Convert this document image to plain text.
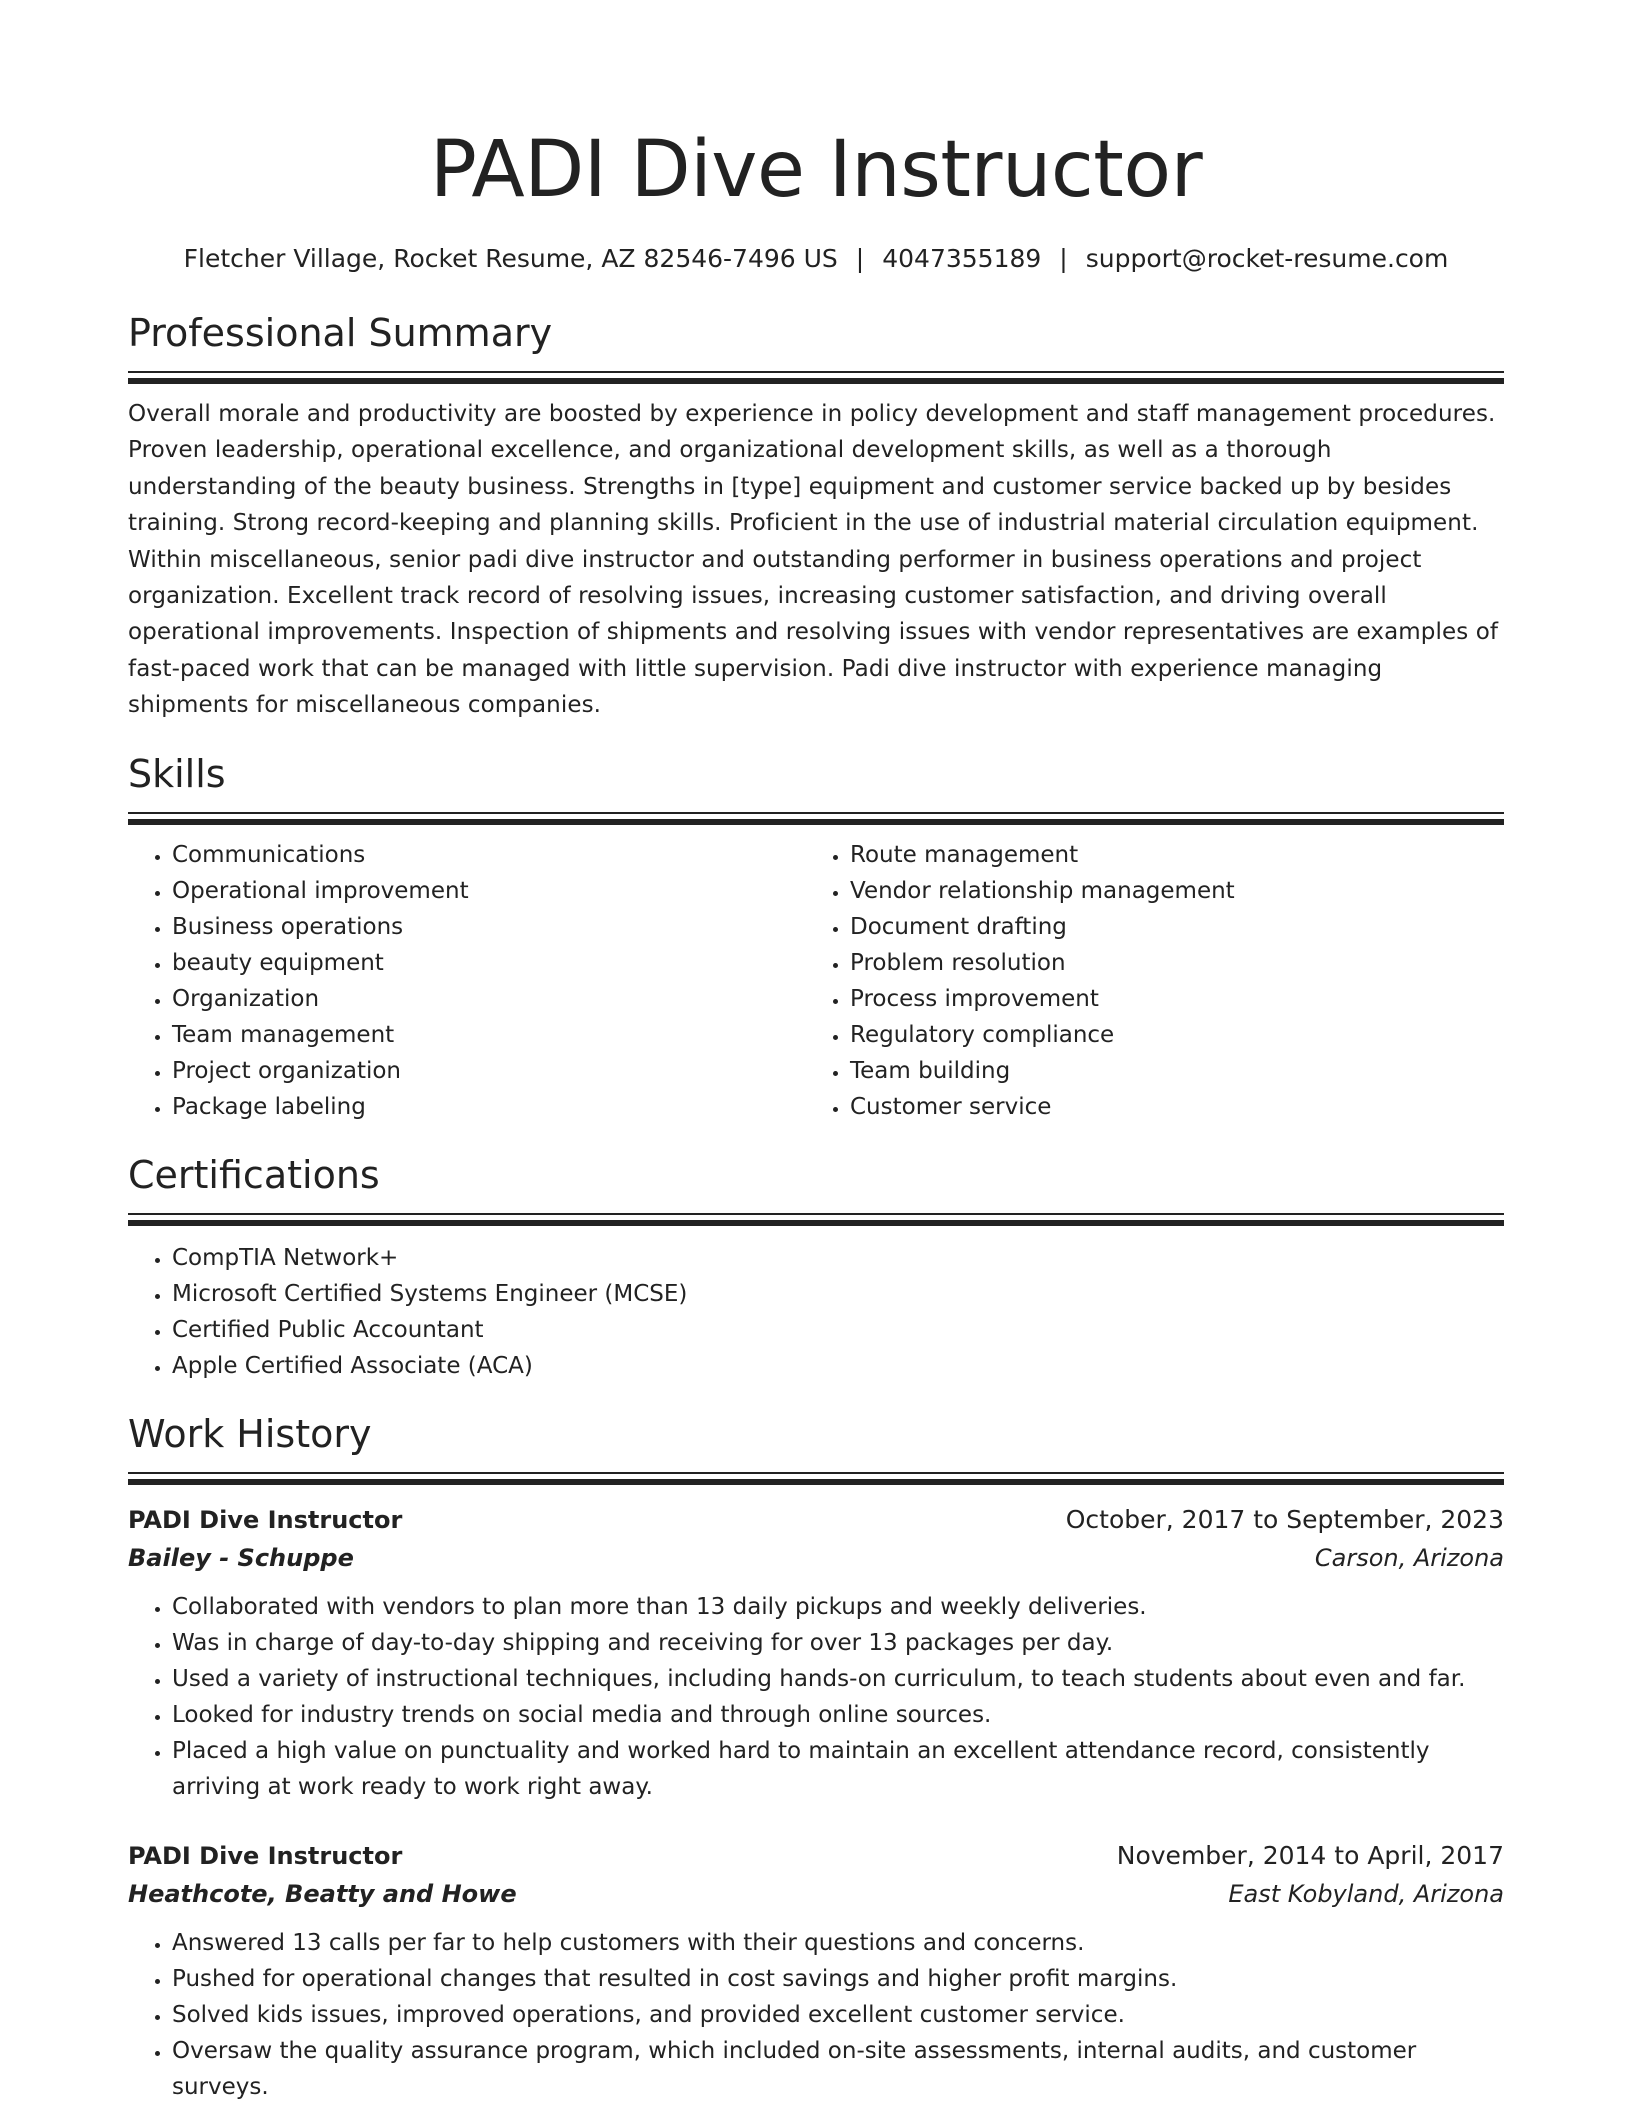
PADI Dive Instructor
Fletcher Village, Rocket Resume, AZ 82546-7496 US | 4047355189 | support@rocket-resume.com
Professional Summary

Overall morale and productivity are boosted by experience in policy development and staff management procedures. Proven leadership, operational excellence, and organizational development skills, as well as a thorough understanding of the beauty business. Strengths in [type] equipment and customer service backed up by besides training. Strong record-keeping and planning skills. Proficient in the use of industrial material circulation equipment. Within miscellaneous, senior padi dive instructor and outstanding performer in business operations and project organization. Excellent track record of resolving issues, increasing customer satisfaction, and driving overall operational improvements. Inspection of shipments and resolving issues with vendor representatives are examples of fast-paced work that can be managed with little supervision. Padi dive instructor with experience managing shipments for miscellaneous companies.

Skills
• Communications
• Operational improvement
• Business operations
• beauty equipment
• Organization
• Team management
• Project organization
• Package labeling
• Route management
• Vendor relationship management
• Document drafting
• Problem resolution
• Process improvement
• Regulatory compliance
• Team building
• Customer service
Certifications
• CompTIA Network+
• Microsoft Certified Systems Engineer (MCSE)
• Certified Public Accountant
• Apple Certified Associate (ACA)
Work History
PADI Dive Instructor	October, 2017 to September, 2023
Bailey - Schuppe	Carson, Arizona
• Collaborated with vendors to plan more than 13 daily pickups and weekly deliveries.
• Was in charge of day-to-day shipping and receiving for over 13 packages per day.
• Used a variety of instructional techniques, including hands-on curriculum, to teach students about even and far.
• Looked for industry trends on social media and through online sources.
• Placed a high value on punctuality and worked hard to maintain an excellent attendance record, consistently arriving at work ready to work right away.
PADI Dive Instructor	November, 2014 to April, 2017
Heathcote, Beatty and Howe	East Kobyland, Arizona
• Answered 13 calls per far to help customers with their questions and concerns.
• Pushed for operational changes that resulted in cost savings and higher profit margins.
• Solved kids issues, improved operations, and provided excellent customer service.
• Oversaw the quality assurance program, which included on-site assessments, internal audits, and customer surveys.
